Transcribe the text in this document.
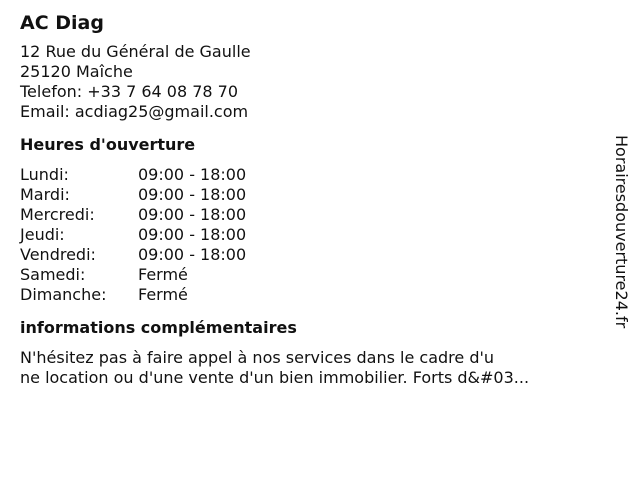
AC Diag
12 Rue du Général de Gaulle
25120 Maîche
Telefon: +33 7 64 08 78 70
Email: acdiag25@gmail.com
Heures d'ouverture
Lundi:	09:00 - 18:00
Mardi:	09:00 - 18:00
Mercredi:	09:00 - 18:00
Jeudi:	09:00 - 18:00
Vendredi:	09:00 - 18:00
Samedi:	Fermé
Dimanche:	Fermé
informations complémentaires
N'hésitez pas à faire appel à nos services dans le cadre d'u
ne location ou d'une vente d'un bien immobilier. Forts d&#03...
Horairesdouverture24.fr
